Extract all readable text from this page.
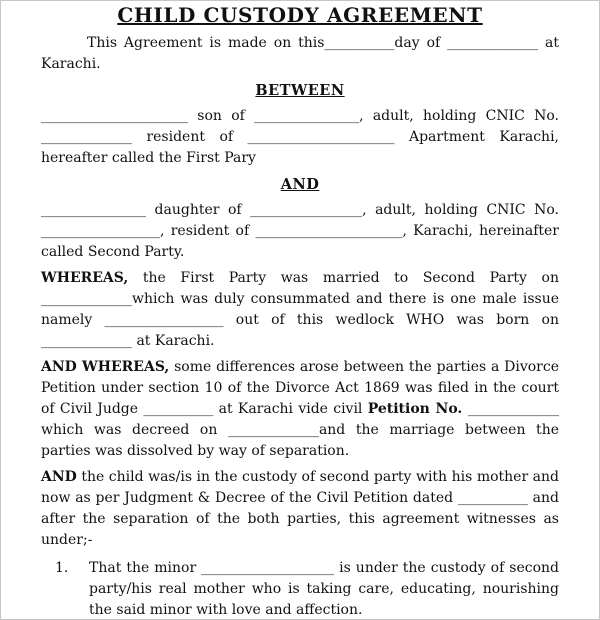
CHILD CUSTODY AGREEMENT

This Agreement is made on this__________day of _____________ at Karachi.

BETWEEN

_____________________ son of _______________, adult, holding CNIC No. _____________ resident of _____________________ Apartment Karachi, hereafter called the First Pary

AND

_______________ daughter of ________________, adult, holding CNIC No. _________________, resident of _____________________, Karachi, hereinafter called Second Party.

WHEREAS, the First Party was married to Second Party on _____________which was duly consummated and there is one male issue namely _________________ out of this wedlock WHO was born on _____________ at Karachi.

AND WHEREAS, some differences arose between the parties a Divorce Petition under section 10 of the Divorce Act 1869 was filed in the court of Civil Judge __________ at Karachi vide civil Petition No. _____________ which was decreed on _____________and the marriage between the parties was dissolved by way of separation.

AND the child was/is in the custody of second party with his mother and now as per Judgment & Decree of the Civil Petition dated __________ and after the separation of the both parties, this agreement witnesses as under;-

1.	That the minor ___________________ is under the custody of second party/his real mother who is taking care, educating, nourishing the said minor with love and affection.
